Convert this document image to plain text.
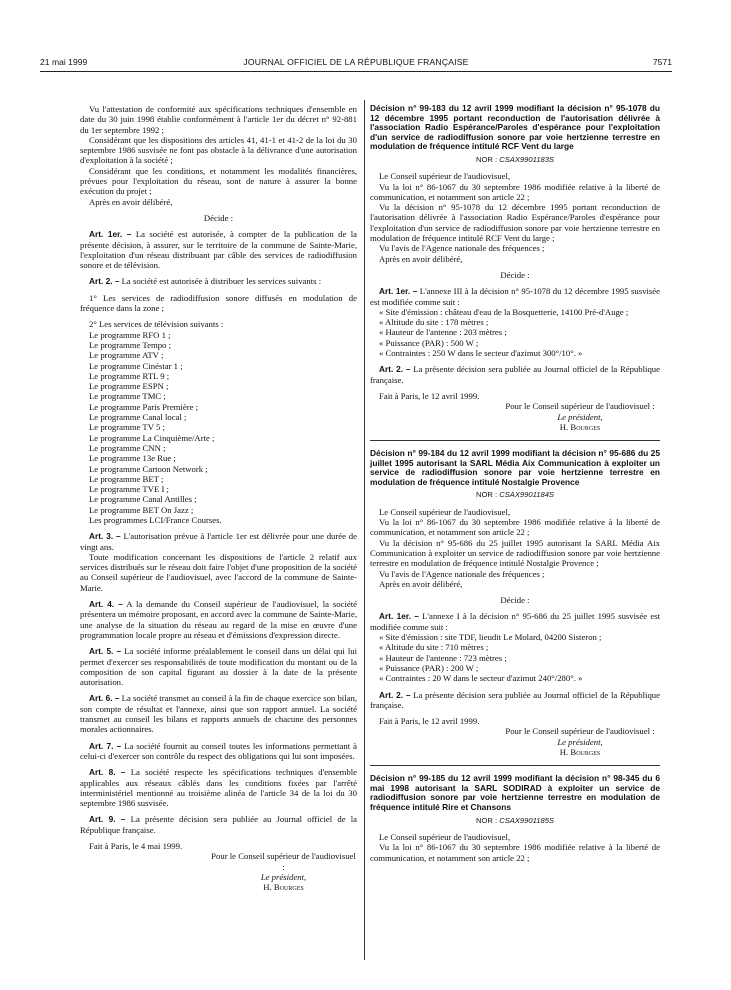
21 mai 1999	JOURNAL OFFICIEL DE LA RÉPUBLIQUE FRANÇAISE	7571

Vu l'attestation de conformité aux spécifications techniques d'ensemble en date du 30 juin 1998 établie conformément à l'article 1er du décret n° 92-881 du 1er septembre 1992 ;

Considérant que les dispositions des articles 41, 41-1 et 41-2 de la loi du 30 septembre 1986 susvisée ne font pas obstacle à la délivrance d'une autorisation d'exploitation à la société ;

Considérant que les conditions, et notamment les modalités financières, prévues pour l'exploitation du réseau, sont de nature à assurer la bonne exécution du projet ;

Après en avoir délibéré,

Décide :

Art. 1er. – La société est autorisée, à compter de la publication de la présente décision, à assurer, sur le territoire de la commune de Sainte-Marie, l'exploitation d'un réseau distribuant par câble des services de radiodiffusion sonore et de télévision.

Art. 2. – La société est autorisée à distribuer les services suivants :

1° Les services de radiodiffusion sonore diffusés en modulation de fréquence dans la zone ;

2° Les services de télévision suivants :

Le programme RFO 1 ;

Le programme Tempo ;

Le programme ATV ;

Le programme Cinéstar 1 ;

Le programme RTL 9 ;

Le programme ESPN ;

Le programme TMC ;

Le programme Paris Première ;

Le programme Canal local ;

Le programme TV 5 ;

Le programme La Cinquième/Arte ;

Le programme CNN ;

Le programme 13e Rue ;

Le programme Cartoon Network ;

Le programme BET ;

Le programme TVE I ;

Le programme Canal Antilles ;

Le programme BET On Jazz ;

Les programmes LCI/France Courses.

Art. 3. – L'autorisation prévue à l'article 1er est délivrée pour une durée de vingt ans.

Toute modification concernant les dispositions de l'article 2 relatif aux services distribués sur le réseau doit faire l'objet d'une proposition de la société au Conseil supérieur de l'audiovisuel, avec l'accord de la commune de Sainte-Marie.

Art. 4. – A la demande du Conseil supérieur de l'audiovisuel, la société présentera un mémoire proposant, en accord avec la commune de Sainte-Marie, une analyse de la situation du réseau au regard de la mise en œuvre d'une programmation locale propre au réseau et d'émissions d'expression directe.

Art. 5. – La société informe préalablement le conseil dans un délai qui lui permet d'exercer ses responsabilités de toute modification du montant ou de la composition de son capital figurant au dossier à la date de la présente autorisation.

Art. 6. – La société transmet au conseil à la fin de chaque exercice son bilan, son compte de résultat et l'annexe, ainsi que son rapport annuel. La société transmet au conseil les bilans et rapports annuels de chacune des personnes morales actionnaires.

Art. 7. – La société fournit au conseil toutes les informations permettant à celui-ci d'exercer son contrôle du respect des obligations qui lui sont imposées.

Art. 8. – La société respecte les spécifications techniques d'ensemble applicables aux réseaux câblés dans les conditions fixées par l'arrêté interministériel mentionné au troisième alinéa de l'article 34 de la loi du 30 septembre 1986 susvisée.

Art. 9. – La présente décision sera publiée au Journal officiel de la République française.

Fait à Paris, le 4 mai 1999.

Pour le Conseil supérieur de l'audiovisuel :

Le président,

H. Bourges

Décision n° 99-183 du 12 avril 1999 modifiant la décision n° 95-1078 du 12 décembre 1995 portant reconduction de l'autorisation délivrée à l'association Radio Espérance/Paroles d'espérance pour l'exploitation d'un service de radiodiffusion sonore par voie hertzienne terrestre en modulation de fréquence intitulé RCF Vent du large

NOR : CSAX9901183S

Le Conseil supérieur de l'audiovisuel,

Vu la loi n° 86-1067 du 30 septembre 1986 modifiée relative à la liberté de communication, et notamment son article 22 ;

Vu la décision n° 95-1078 du 12 décembre 1995 portant reconduction de l'autorisation délivrée à l'association Radio Espérance/Paroles d'espérance pour l'exploitation d'un service de radiodiffusion sonore par voie hertzienne terrestre en modulation de fréquence intitulé RCF Vent du large ;

Vu l'avis de l'Agence nationale des fréquences ;

Après en avoir délibéré,

Décide :

Art. 1er. – L'annexe III à la décision n° 95-1078 du 12 décembre 1995 susvisée est modifiée comme suit :

« Site d'émission : château d'eau de la Bosquetterie, 14100 Pré-d'Auge ;

« Altitude du site : 178 mètres ;

« Hauteur de l'antenne : 203 mètres ;

« Puissance (PAR) : 500 W ;

« Contraintes : 250 W dans le secteur d'azimut 300°/10°. »

Art. 2. – La présente décision sera publiée au Journal officiel de la République française.

Fait à Paris, le 12 avril 1999.

Pour le Conseil supérieur de l'audiovisuel :

Le président,

H. Bourges

Décision n° 99-184 du 12 avril 1999 modifiant la décision n° 95-686 du 25 juillet 1995 autorisant la SARL Média Aix Communication à exploiter un service de radiodiffusion sonore par voie hertzienne terrestre en modulation de fréquence intitulé Nostalgie Provence

NOR : CSAX9901184S

Le Conseil supérieur de l'audiovisuel,

Vu la loi n° 86-1067 du 30 septembre 1986 modifiée relative à la liberté de communication, et notamment son article 22 ;

Vu la décision n° 95-686 du 25 juillet 1995 autorisant la SARL Média Aix Communication à exploiter un service de radiodiffusion sonore par voie hertzienne terrestre en modulation de fréquence intitulé Nostalgie Provence ;

Vu l'avis de l'Agence nationale des fréquences ;

Après en avoir délibéré,

Décide :

Art. 1er. – L'annexe I à la décision n° 95-686 du 25 juillet 1995 susvisée est modifiée comme suit :

« Site d'émission : site TDF, lieudit Le Molard, 04200 Sisteron ;

« Altitude du site : 710 mètres ;

« Hauteur de l'antenne : 723 mètres ;

« Puissance (PAR) : 200 W ;

« Contraintes : 20 W dans le secteur d'azimut 240°/280°. »

Art. 2. – La présente décision sera publiée au Journal officiel de la République française.

Fait à Paris, le 12 avril 1999.

Pour le Conseil supérieur de l'audiovisuel :

Le président,

H. Bourges

Décision n° 99-185 du 12 avril 1999 modifiant la décision n° 98-345 du 6 mai 1998 autorisant la SARL SODIRAD à exploiter un service de radiodiffusion sonore par voie hertzienne terrestre en modulation de fréquence intitulé Rire et Chansons

NOR : CSAX9901185S

Le Conseil supérieur de l'audiovisuel,

Vu la loi n° 86-1067 du 30 septembre 1986 modifiée relative à la liberté de communication, et notamment son article 22 ;
